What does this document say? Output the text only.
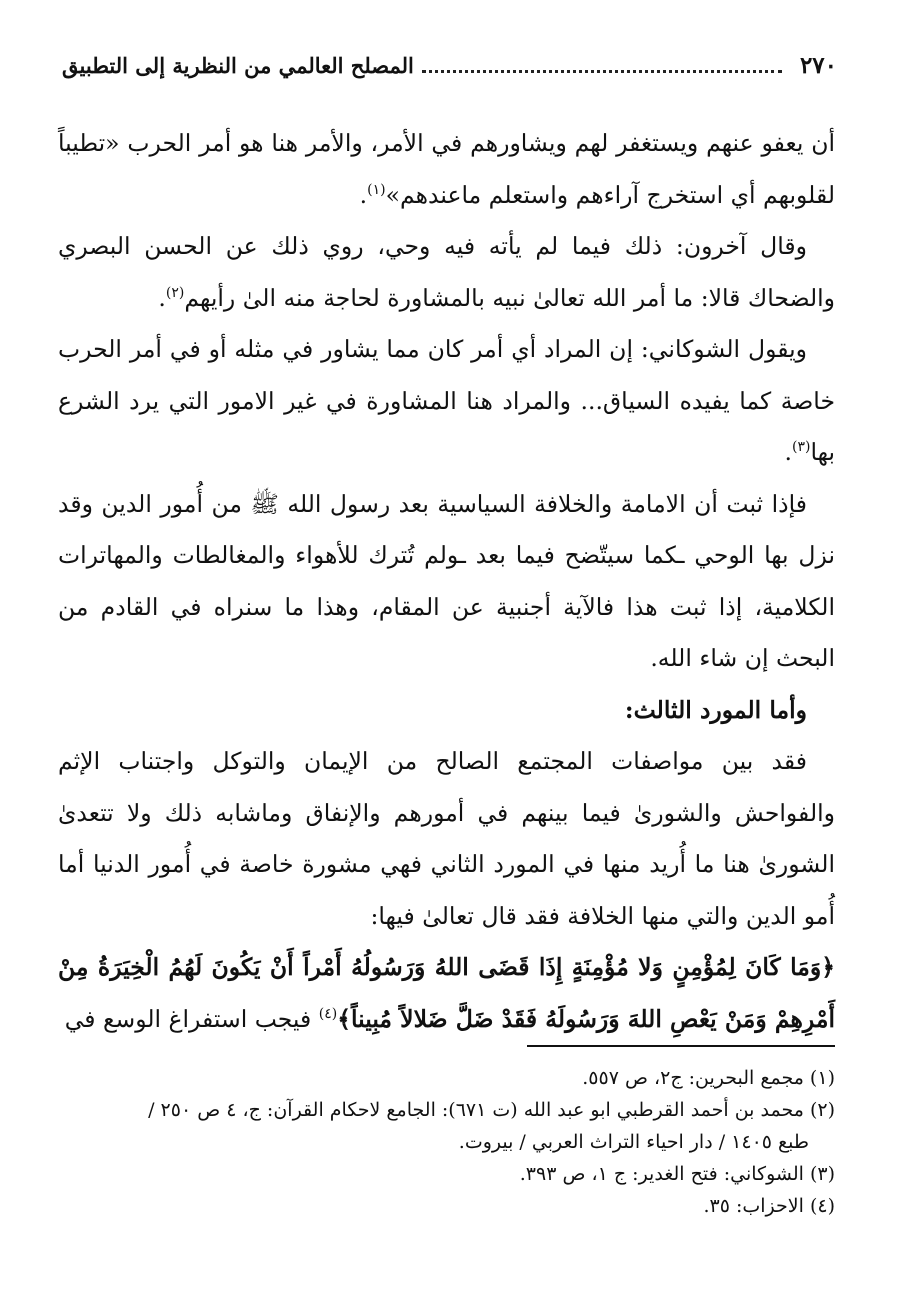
٢٧٠
المصلح العالمي من النظرية إلى التطبيق

أن يعفو عنهم ويستغفر لهم ويشاورهم في الأمر، والأمر هنا هو أمر الحرب «تطيباً لقلوبهم أي استخرج آراءهم واستعلم ماعندهم»$^{(١)}$.

وقال آخرون: ذلك فيما لم يأته فيه وحي، روي ذلك عن الحسن البصري والضحاك قالا: ما أمر الله تعالىٰ نبيه بالمشاورة لحاجة منه الىٰ رأيهم$^{(٢)}$.

ويقول الشوكاني: إن المراد أي أمر كان مما يشاور في مثله أو في أمر الحرب خاصة كما يفيده السياق... والمراد هنا المشاورة في غير الامور التي يرد الشرع بها$^{(٣)}$.

فإذا ثبت أن الامامة والخلافة السياسية بعد رسول الله ﷺ من أُمور الدين وقد نزل بها الوحي ـكما سيتّضح فيما بعد ـولم تُترك للأهواء والمغالطات والمهاترات الكلامية، إذا ثبت هذا فالآية أجنبية عن المقام، وهذا ما سنراه في القادم من البحث إن شاء الله.

وأما المورد الثالث:

فقد بين مواصفات المجتمع الصالح من الإيمان والتوكل واجتناب الإثم والفواحش والشورىٰ فيما بينهم في أمورهم والإنفاق وماشابه ذلك ولا تتعدىٰ الشورىٰ هنا ما أُريد منها في المورد الثاني فهي مشورة خاصة في أُمور الدنيا أما أُمو الدين والتي منها الخلافة فقد قال تعالىٰ فيها:

﴿وَمَا كَانَ لِمُؤْمِنٍ وَلا مُؤْمِنَةٍ إِذَا قَضَى اللهُ وَرَسُولُهُ أَمْراً أَنْ يَكُونَ لَهُمُ الْخِيَرَةُ مِنْ أَمْرِهِمْ وَمَنْ يَعْصِ اللهَ وَرَسُولَهُ فَقَدْ ضَلَّ ضَلالاً مُبِيناً﴾$^{(٤)}$ فيجب استفراغ الوسع في

(١) مجمع البحرين: ج٢، ص ٥٥٧.

(٢) محمد بن أحمد القرطبي ابو عبد الله (ت ٦٧١): الجامع لاحكام القرآن: ج، ٤ ص ٢٥٠ /

طبع ١٤٠٥ / دار احياء التراث العربي / بيروت.

(٣) الشوكاني: فتح الغدير: ج ١، ص ٣٩٣.

(٤) الاحزاب: ٣٥.
